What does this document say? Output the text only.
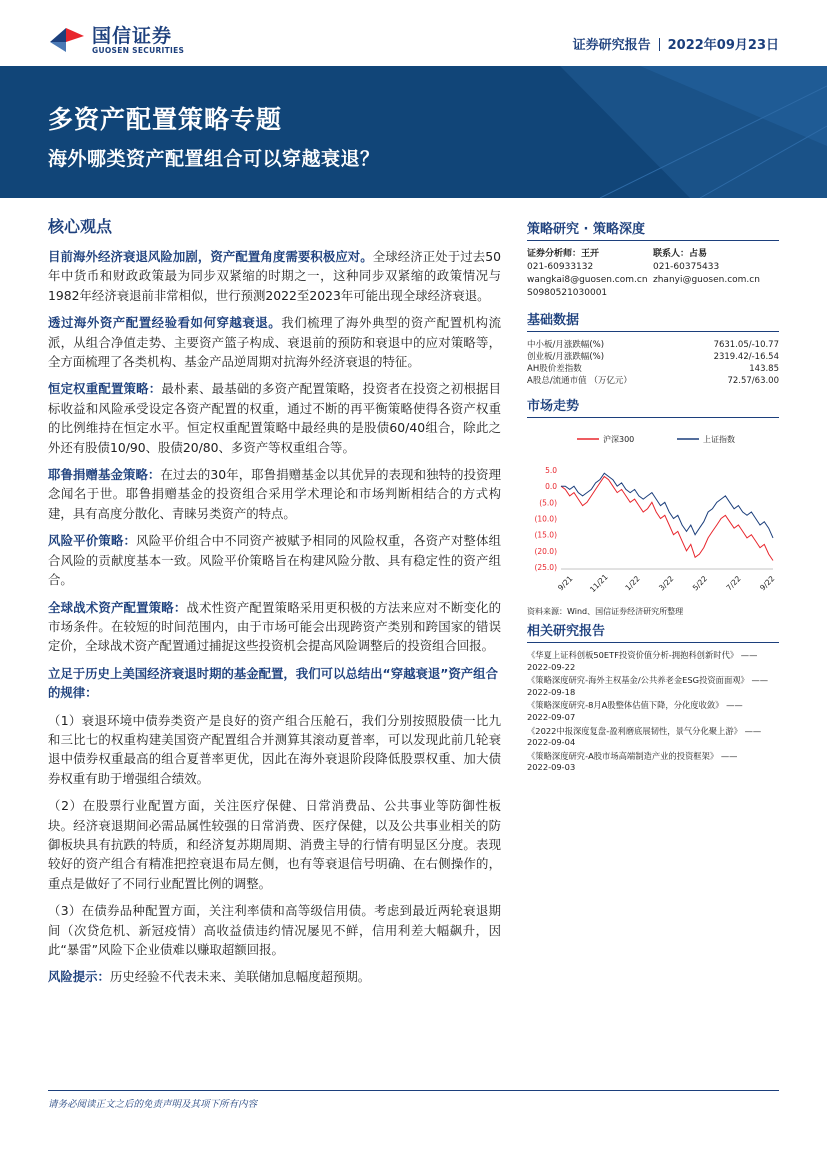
国信证券
GUOSEN SECURITIES	证券研究报告 2022年09月23日
多资产配置策略专题
海外哪类资产配置组合可以穿越衰退？
核心观点

目前海外经济衰退风险加剧，资产配置角度需要积极应对。全球经济正处于过去50年中货币和财政政策最为同步双紧缩的时期之一，这种同步双紧缩的政策情况与1982年经济衰退前非常相似，世行预测2022至2023年可能出现全球经济衰退。

透过海外资产配置经验看如何穿越衰退。我们梳理了海外典型的资产配置机构流派，从组合净值走势、主要资产篮子构成、衰退前的预防和衰退中的应对策略等，全方面梳理了各类机构、基金产品逆周期对抗海外经济衰退的特征。

恒定权重配置策略：最朴素、最基础的多资产配置策略，投资者在投资之初根据目标收益和风险承受设定各资产配置的权重，通过不断的再平衡策略使得各资产权重的比例维持在恒定水平。恒定权重配置策略中最经典的是股债60/40组合，除此之外还有股债10/90、股债20/80、多资产等权重组合等。

耶鲁捐赠基金策略：在过去的30年，耶鲁捐赠基金以其优异的表现和独特的投资理念闻名于世。耶鲁捐赠基金的投资组合采用学术理论和市场判断相结合的方式构建，具有高度分散化、青睐另类资产的特点。

风险平价策略：风险平价组合中不同资产被赋予相同的风险权重，各资产对整体组合风险的贡献度基本一致。风险平价策略旨在构建风险分散、具有稳定性的资产组合。

全球战术资产配置策略：战术性资产配置策略采用更积极的方法来应对不断变化的市场条件。在较短的时间范围内，由于市场可能会出现跨资产类别和跨国家的错误定价，全球战术资产配置通过捕捉这些投资机会提高风险调整后的投资组合回报。

立足于历史上美国经济衰退时期的基金配置，我们可以总结出“穿越衰退”资产组合的规律：

（1）衰退环境中债券类资产是良好的资产组合压舱石，我们分别按照股债一比九和三比七的权重构建美国资产配置组合并测算其滚动夏普率，可以发现此前几轮衰退中债券权重最高的组合夏普率更优，因此在海外衰退阶段降低股票权重、加大债券权重有助于增强组合绩效。

（2）在股票行业配置方面，关注医疗保健、日常消费品、公共事业等防御性板块。经济衰退期间必需品属性较强的日常消费、医疗保健，以及公共事业相关的防御板块具有抗跌的特质，和经济复苏期周期、消费主导的行情有明显区分度。表现较好的资产组合有精准把控衰退布局左侧，也有等衰退信号明确、在右侧操作的，重点是做好了不同行业配置比例的调整。

（3）在债券品种配置方面，关注利率债和高等级信用债。考虑到最近两轮衰退期间（次贷危机、新冠疫情）高收益债违约情况屡见不鲜，信用利差大幅飙升，因此“暴雷”风险下企业债难以赚取超额回报。

风险提示：历史经验不代表未来、美联储加息幅度超预期。

策略研究 · 策略深度
证券分析师：王开
021-60933132
wangkai8@guosen.com.cn
S0980521030001
联系人：占易
021-60375433
zhanyi@guosen.com.cn
基础数据
中小板/月涨跌幅(%)	7631.05/-10.77
创业板/月涨跌幅(%)	2319.42/-16.54
AH股价差指数	143.85
A股总/流通市值 （万亿元）	72.57/63.00
市场走势
沪深300	上证指数
5.0
0.0
(5.0)
(10.0)
(15.0)
(20.0)
(25.0)
9/21 11/21 1/22 3/22 5/22 7/22 9/22
资料来源：Wind、国信证券经济研究所整理
相关研究报告
《华夏上证科创板50ETF投资价值分析-拥抱科创新时代》 ——
2022-09-22
《策略深度研究-海外主权基金/公共养老金ESG投资面面观》 ——
2022-09-18
《策略深度研究-8月A股整体估值下降，分化度收敛》 ——
2022-09-07
《2022中报深度复盘-盈利磨底展韧性，景气分化聚上游》 ——
2022-09-04
《策略深度研究-A股市场高端制造产业的投资框架》 ——
2022-09-03
请务必阅读正文之后的免责声明及其项下所有内容
